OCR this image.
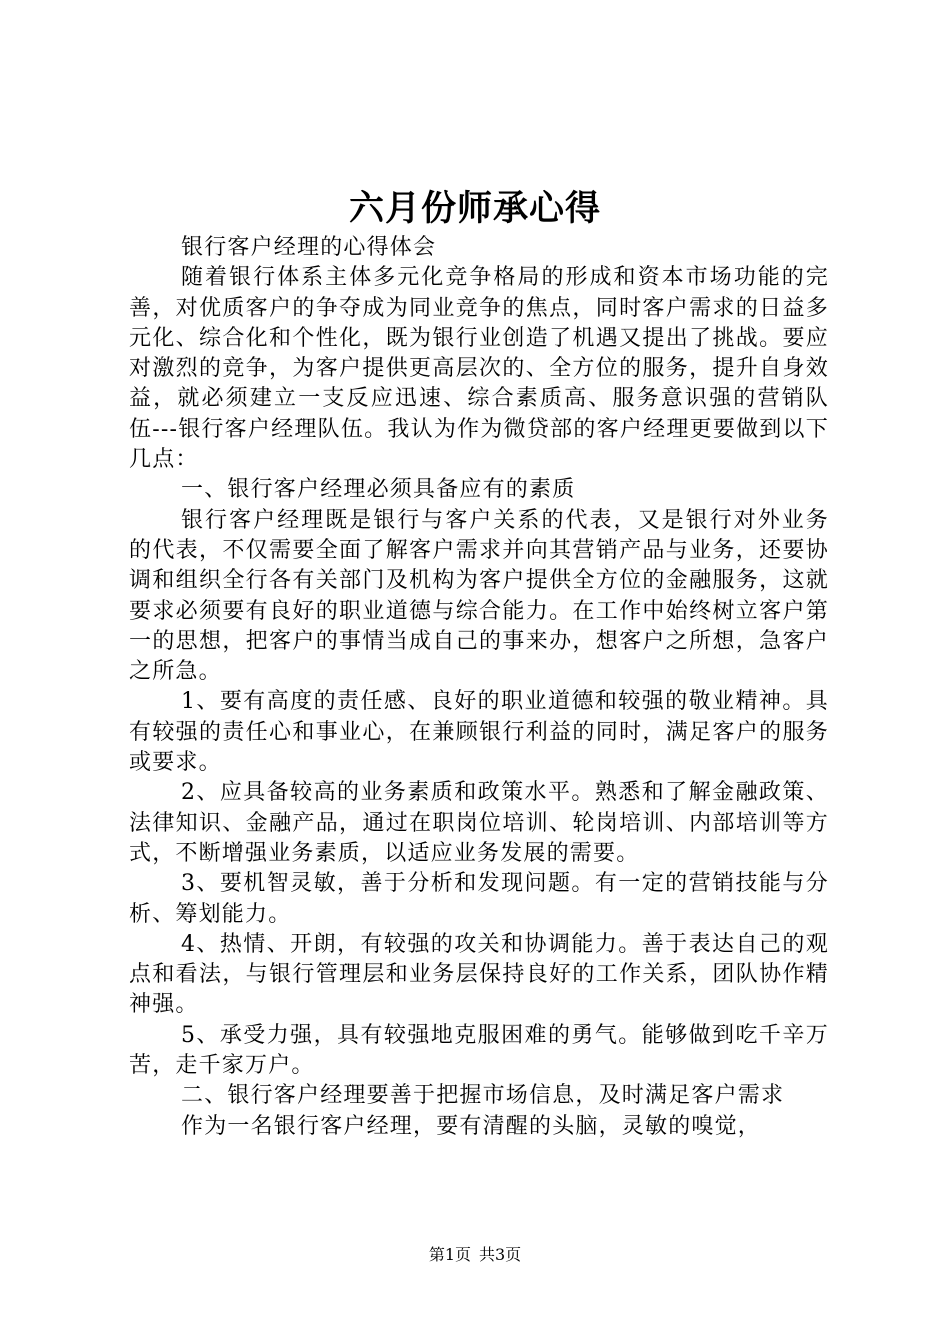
六月份师承心得

银行客户经理的心得体会

随着银行体系主体多元化竞争格局的形成和资本市场功能的完善，对优质客户的争夺成为同业竞争的焦点，同时客户需求的日益多元化、综合化和个性化，既为银行业创造了机遇又提出了挑战。要应对激烈的竞争，为客户提供更高层次的、全方位的服务，提升自身效益，就必须建立一支反应迅速、综合素质高、服务意识强的营销队伍---银行客户经理队伍。我认为作为微贷部的客户经理更要做到以下几点：

一、银行客户经理必须具备应有的素质

银行客户经理既是银行与客户关系的代表，又是银行对外业务的代表，不仅需要全面了解客户需求并向其营销产品与业务，还要协调和组织全行各有关部门及机构为客户提供全方位的金融服务，这就要求必须要有良好的职业道德与综合能力。在工作中始终树立客户第一的思想，把客户的事情当成自己的事来办，想客户之所想，急客户之所急。

1、要有高度的责任感、良好的职业道德和较强的敬业精神。具有较强的责任心和事业心，在兼顾银行利益的同时，满足客户的服务或要求。

2、应具备较高的业务素质和政策水平。熟悉和了解金融政策、法律知识、金融产品，通过在职岗位培训、轮岗培训、内部培训等方式，不断增强业务素质，以适应业务发展的需要。

3、要机智灵敏，善于分析和发现问题。有一定的营销技能与分析、筹划能力。

4、热情、开朗，有较强的攻关和协调能力。善于表达自己的观点和看法，与银行管理层和业务层保持良好的工作关系，团队协作精神强。

5、承受力强，具有较强地克服困难的勇气。能够做到吃千辛万苦，走千家万户。

二、银行客户经理要善于把握市场信息，及时满足客户需求

作为一名银行客户经理，要有清醒的头脑，灵敏的嗅觉，

第1页 共3页
